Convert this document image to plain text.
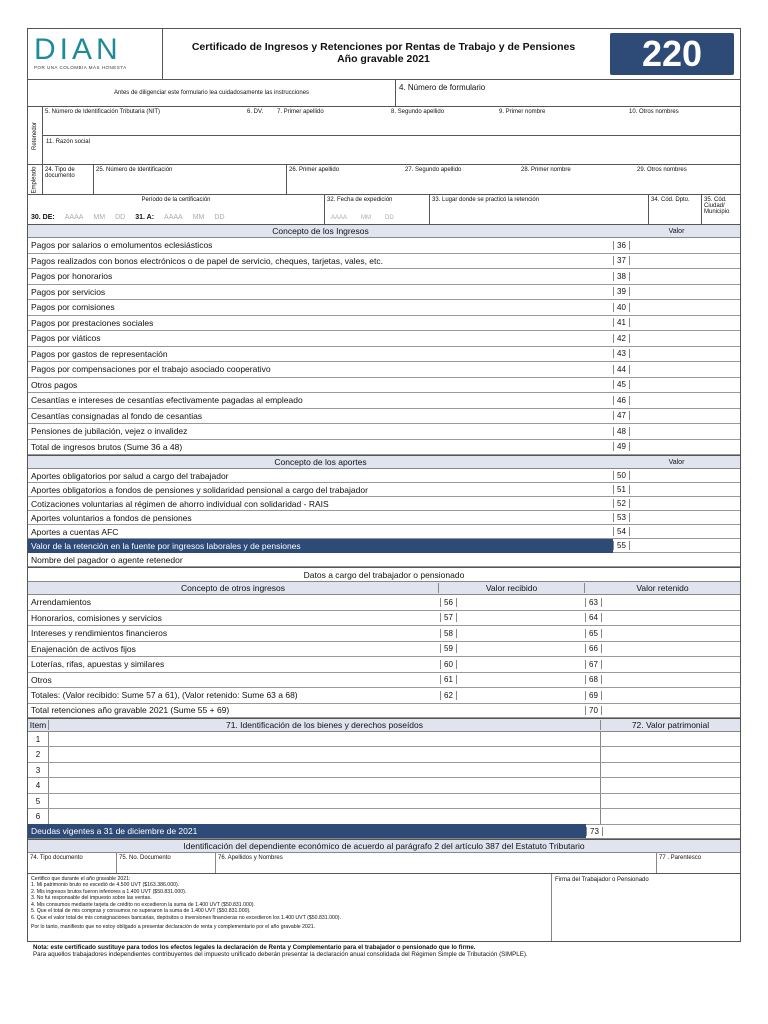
DIAN
POR UNA COLOMBIA MÁS HONESTA
Certificado de Ingresos y Retenciones por Rentas de Trabajo y de Pensiones
Año gravable 2021	220
Antes de diligenciar este formulario lea cuidadosamente las instrucciones
4. Número de formulario
Retenedor
5. Número de Identificación Tributaria (NIT)	6. DV.	7. Primer apellido	8. Segundo apellido	9. Primer nombre	10. Otros nombres
11. Razón social
Empleado	24. Tipo de documento
25. Número de Identificación	26. Primer apellido	27. Segundo apellido	28. Primer nombre	29. Otros nombres
Período de la certificación
30. DE: AAAA MM DD 31. A: AAAA MM DD
32. Fecha de expedición
AAAA MM DD
33. Lugar donde se practicó la retención	34. Cód. Dpto.	35. Cód. Ciudad/ Municipio
Concepto de los Ingresos	Valor
Pagos por salarios o emolumentos eclesiásticos	36
Pagos realizados con bonos electrónicos o de papel de servicio, cheques, tarjetas, vales, etc.	37
Pagos por honorarios	38
Pagos por servicios	39
Pagos por comisiones	40
Pagos por prestaciones sociales	41
Pagos por viáticos	42
Pagos por gastos de representación	43
Pagos por compensaciones por el trabajo asociado cooperativo	44
Otros pagos	45
Cesantías e intereses de cesantías efectivamente pagadas al empleado	46
Cesantías consignadas al fondo de cesantias	47
Pensiones de jubilación, vejez o invalidez	48
Total de ingresos brutos (Sume 36 a 48)	49
Concepto de los aportes	Valor
Aportes obligatorios por salud a cargo del trabajador	50
Aportes obligatorios a fondos de pensiones y solidaridad pensional a cargo del trabajador	51
Cotizaciones voluntarias al régimen de ahorro individual con solidaridad - RAIS	52
Aportes voluntarios a fondos de pensiones	53
Aportes a cuentas AFC	54
Valor de la retención en la fuente por ingresos laborales y de pensiones	55
Nombre del pagador o agente retenedor
Datos a cargo del trabajador o pensionado
Concepto de otros ingresos	Valor recibido	Valor retenido
Arrendamientos	56	63
Honorarios, comisiones y servicios	57	64
Intereses y rendimientos financieros	58	65
Enajenación de activos fijos	59	66
Loterías, rifas, apuestas y similares	60	67
Otros	61	68
Totales: (Valor recibido: Sume 57 a 61), (Valor retenido: Sume 63 a 68)	62	69
Total retenciones año gravable 2021 (Sume 55 + 69)	70
Item	71. Identificación de los bienes y derechos poseídos	72. Valor patrimonial
1
2
3
4
5
6
Deudas vigentes a 31 de diciembre de 2021	73
Identificación del dependiente económico de acuerdo al parágrafo 2 del artículo 387 del Estatuto Tributario
74. Tipo documento	75. No. Documento	76. Apellidos y Nombres	77 . Parentesco
Certifico que durante el año gravable 2021:
1. Mi patrimonio bruto no excedió de 4.500 UVT ($163.386.000).
2. Mis ingresos brutos fueron inferiores a 1.400 UVT ($50.831.000).
3. No fui responsable del impuesto sobre las ventas.
4. Mis consumos mediante tarjeta de crédito no excedieron la suma de 1.400 UVT ($50.831.000).
5. Que el total de mis compras y consumos no superaron la suma de 1.400 UVT ($50.831.000).
6. Que el valor total de mis consignaciones bancarias, depósitos o inversiones financieras no excedieron los 1.400 UVT ($50.831.000).
Por lo tanto, manifiesto que no estoy obligado a presentar declaración de renta y complementario por el año gravable 2021.
Firma del Trabajador o Pensionado
Nota: este certificado sustituye para todos los efectos legales la declaración de Renta y Complementario para el trabajador o pensionado que lo firme.
Para aquellos trabajadores independientes contribuyentes del impuesto unificado deberán presentar la declaración anual consolidada del Régimen Simple de Tributación (SIMPLE).
